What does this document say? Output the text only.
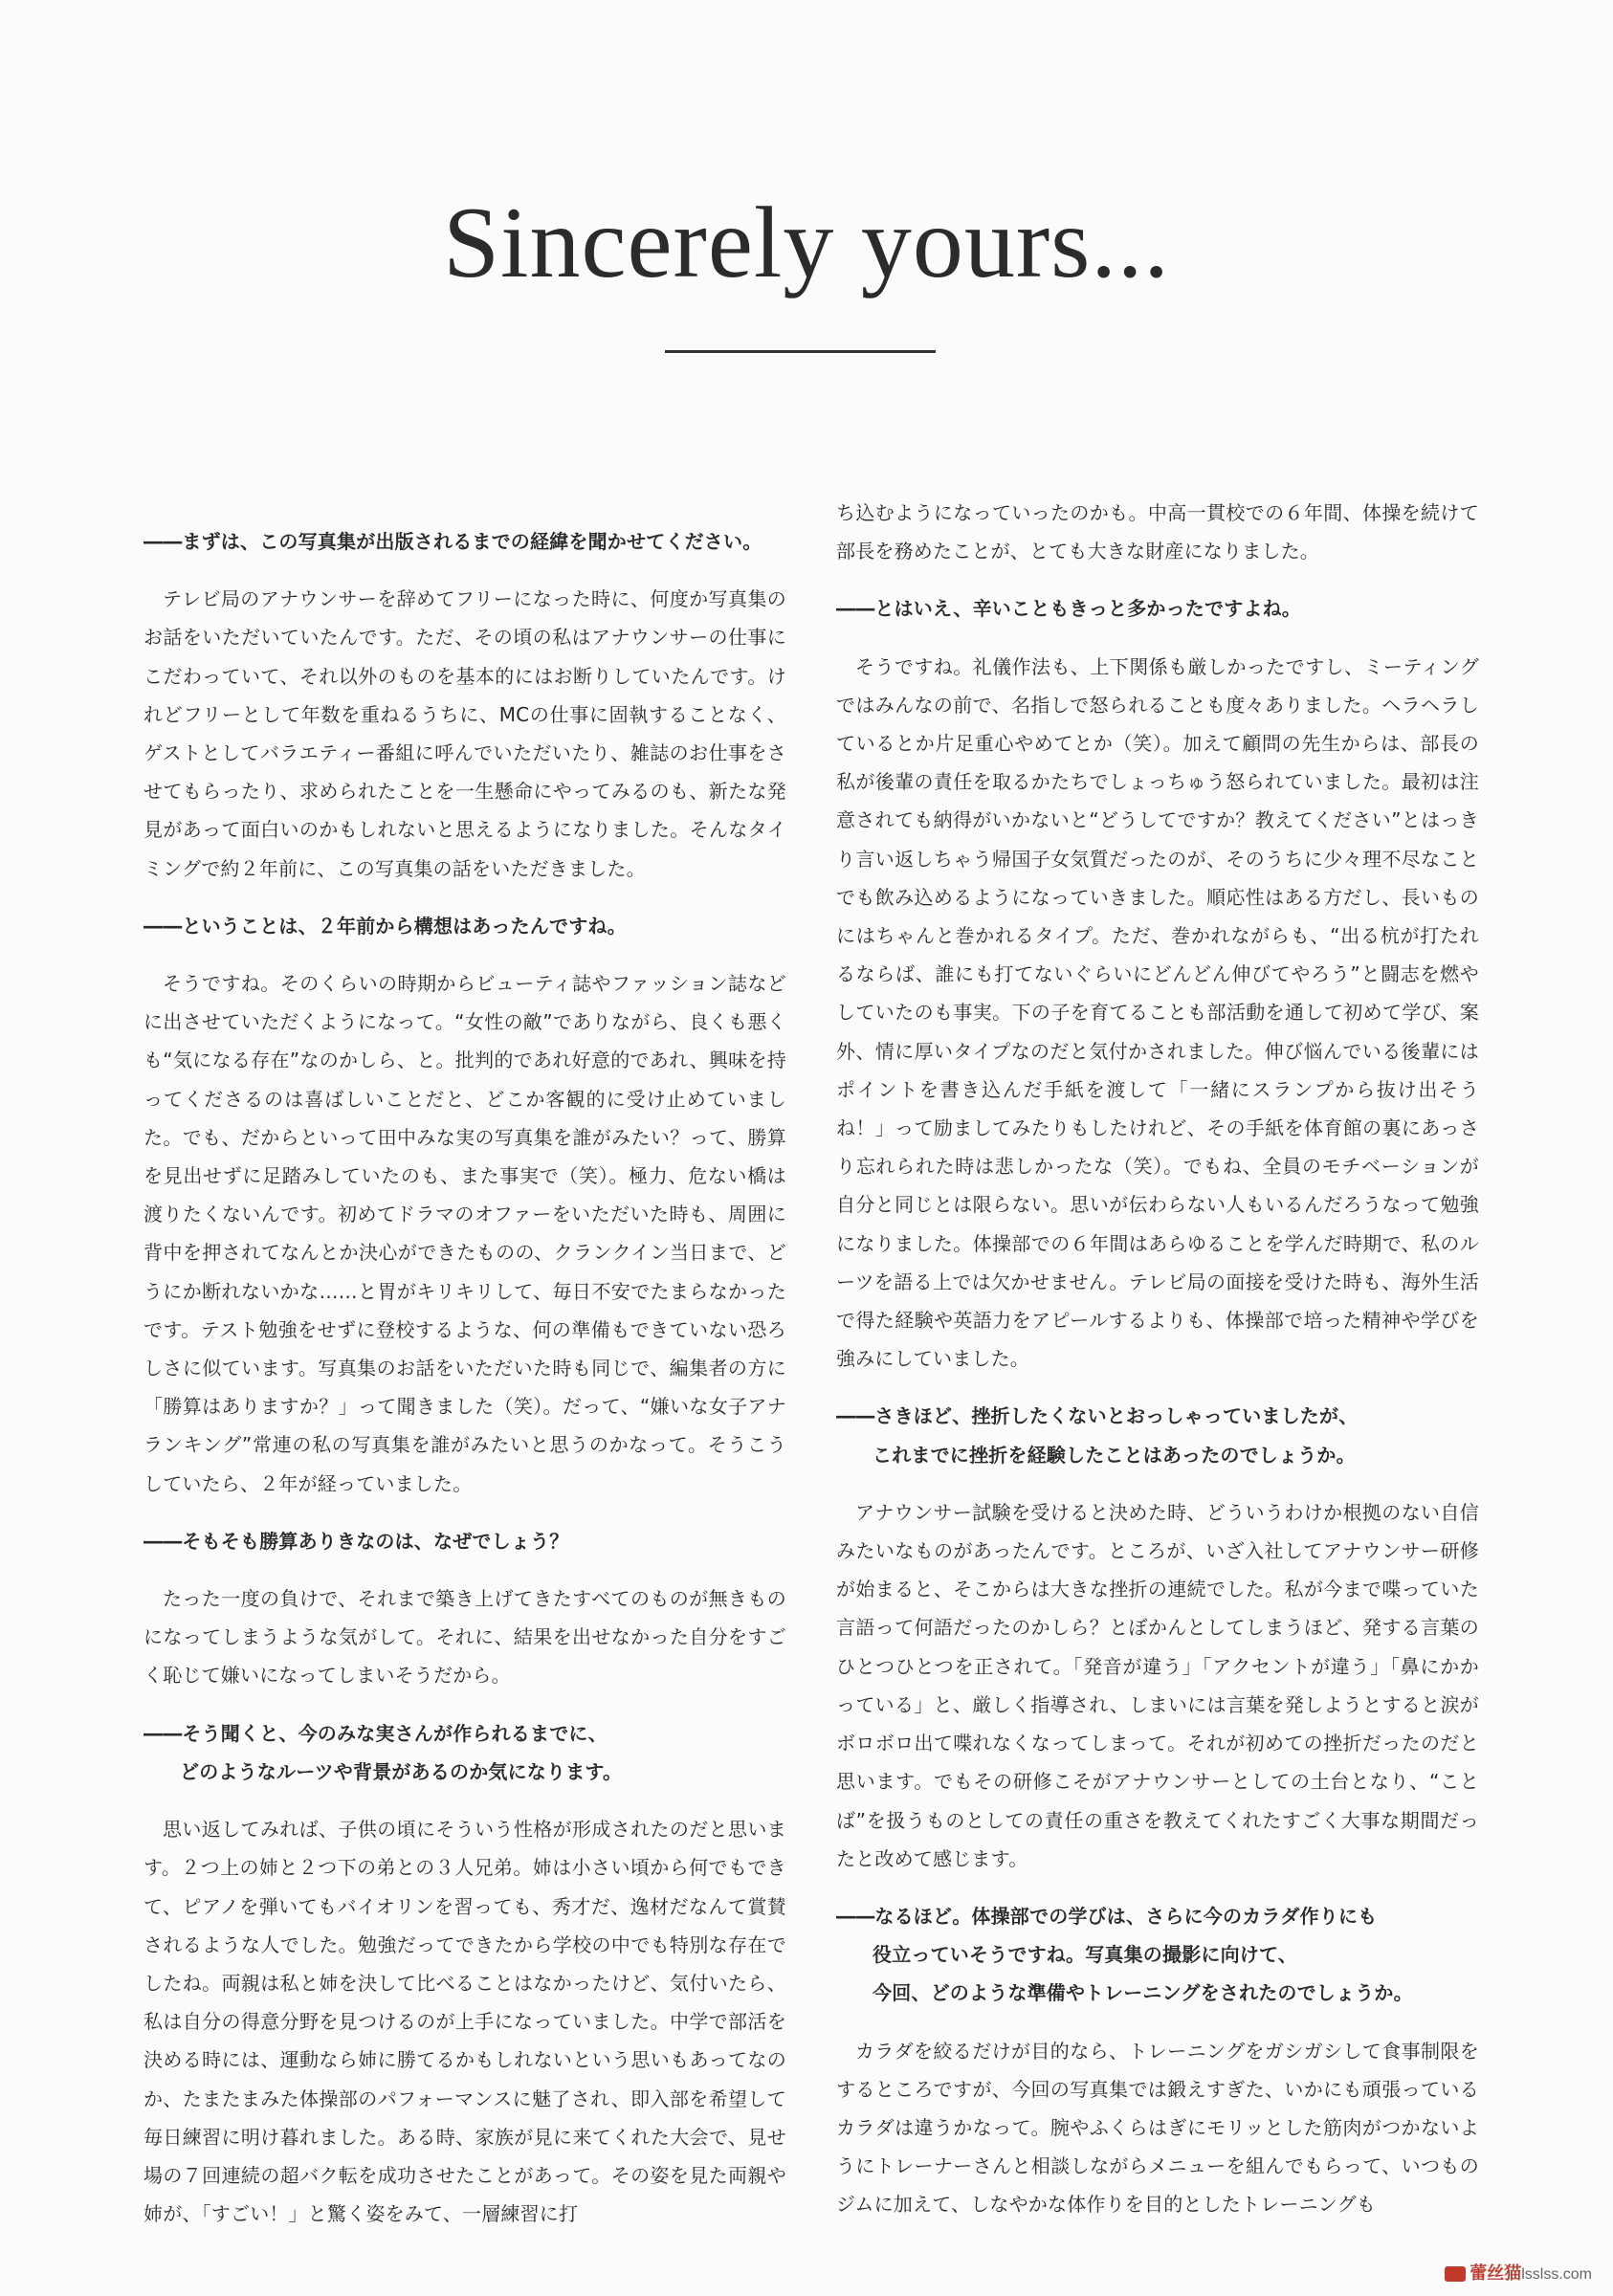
Sincerely yours...

――まずは、この写真集が出版されるまでの経緯を聞かせてください。

テレビ局のアナウンサーを辞めてフリーになった時に、何度か写真集のお話をいただいていたんです。ただ、その頃の私はアナウンサーの仕事にこだわっていて、それ以外のものを基本的にはお断りしていたんです。けれどフリーとして年数を重ねるうちに、MCの仕事に固執することなく、ゲストとしてバラエティー番組に呼んでいただいたり、雑誌のお仕事をさせてもらったり、求められたことを一生懸命にやってみるのも、新たな発見があって面白いのかもしれないと思えるようになりました。そんなタイミングで約２年前に、この写真集の話をいただきました。

――ということは、２年前から構想はあったんですね。

そうですね。そのくらいの時期からビューティ誌やファッション誌などに出させていただくようになって。“女性の敵”でありながら、良くも悪くも“気になる存在”なのかしら、と。批判的であれ好意的であれ、興味を持ってくださるのは喜ばしいことだと、どこか客観的に受け止めていました。でも、だからといって田中みな実の写真集を誰がみたい？って、勝算を見出せずに足踏みしていたのも、また事実で（笑）。極力、危ない橋は渡りたくないんです。初めてドラマのオファーをいただいた時も、周囲に背中を押されてなんとか決心ができたものの、クランクイン当日まで、どうにか断れないかな……と胃がキリキリして、毎日不安でたまらなかったです。テスト勉強をせずに登校するような、何の準備もできていない恐ろしさに似ています。写真集のお話をいただいた時も同じで、編集者の方に「勝算はありますか？」って聞きました（笑）。だって、“嫌いな女子アナランキング”常連の私の写真集を誰がみたいと思うのかなって。そうこうしていたら、２年が経っていました。

――そもそも勝算ありきなのは、なぜでしょう？

たった一度の負けで、それまで築き上げてきたすべてのものが無きものになってしまうような気がして。それに、結果を出せなかった自分をすごく恥じて嫌いになってしまいそうだから。

――そう聞くと、今のみな実さんが作られるまでに、
どのようなルーツや背景があるのか気になります。

思い返してみれば、子供の頃にそういう性格が形成されたのだと思います。２つ上の姉と２つ下の弟との３人兄弟。姉は小さい頃から何でもできて、ピアノを弾いてもバイオリンを習っても、秀才だ、逸材だなんて賞賛されるような人でした。勉強だってできたから学校の中でも特別な存在でしたね。両親は私と姉を決して比べることはなかったけど、気付いたら、私は自分の得意分野を見つけるのが上手になっていました。中学で部活を決める時には、運動なら姉に勝てるかもしれないという思いもあってなのか、たまたまみた体操部のパフォーマンスに魅了され、即入部を希望して毎日練習に明け暮れました。ある時、家族が見に来てくれた大会で、見せ場の７回連続の超バク転を成功させたことがあって。その姿を見た両親や姉が、「すごい！」と驚く姿をみて、一層練習に打

ち込むようになっていったのかも。中高一貫校での６年間、体操を続けて部長を務めたことが、とても大きな財産になりました。

――とはいえ、辛いこともきっと多かったですよね。

そうですね。礼儀作法も、上下関係も厳しかったですし、ミーティングではみんなの前で、名指しで怒られることも度々ありました。ヘラヘラしているとか片足重心やめてとか（笑）。加えて顧問の先生からは、部長の私が後輩の責任を取るかたちでしょっちゅう怒られていました。最初は注意されても納得がいかないと“どうしてですか？教えてください”とはっきり言い返しちゃう帰国子女気質だったのが、そのうちに少々理不尽なことでも飲み込めるようになっていきました。順応性はある方だし、長いものにはちゃんと巻かれるタイプ。ただ、巻かれながらも、“出る杭が打たれるならば、誰にも打てないぐらいにどんどん伸びてやろう”と闘志を燃やしていたのも事実。下の子を育てることも部活動を通して初めて学び、案外、情に厚いタイプなのだと気付かされました。伸び悩んでいる後輩にはポイントを書き込んだ手紙を渡して「一緒にスランプから抜け出そうね！」って励ましてみたりもしたけれど、その手紙を体育館の裏にあっさり忘れられた時は悲しかったな（笑）。でもね、全員のモチベーションが自分と同じとは限らない。思いが伝わらない人もいるんだろうなって勉強になりました。体操部での６年間はあらゆることを学んだ時期で、私のルーツを語る上では欠かせません。テレビ局の面接を受けた時も、海外生活で得た経験や英語力をアピールするよりも、体操部で培った精神や学びを強みにしていました。

――さきほど、挫折したくないとおっしゃっていましたが、
これまでに挫折を経験したことはあったのでしょうか。

アナウンサー試験を受けると決めた時、どういうわけか根拠のない自信みたいなものがあったんです。ところが、いざ入社してアナウンサー研修が始まると、そこからは大きな挫折の連続でした。私が今まで喋っていた言語って何語だったのかしら？とぼかんとしてしまうほど、発する言葉のひとつひとつを正されて。「発音が違う」「アクセントが違う」「鼻にかかっている」と、厳しく指導され、しまいには言葉を発しようとすると涙がボロボロ出て喋れなくなってしまって。それが初めての挫折だったのだと思います。でもその研修こそがアナウンサーとしての土台となり、“ことば”を扱うものとしての責任の重さを教えてくれたすごく大事な期間だったと改めて感じます。

――なるほど。体操部での学びは、さらに今のカラダ作りにも
役立っていそうですね。写真集の撮影に向けて、
今回、どのような準備やトレーニングをされたのでしょうか。

カラダを絞るだけが目的なら、トレーニングをガシガシして食事制限をするところですが、今回の写真集では鍛えすぎた、いかにも頑張っているカラダは違うかなって。腕やふくらはぎにモリッとした筋肉がつかないようにトレーナーさんと相談しながらメニューを組んでもらって、いつものジムに加えて、しなやかな体作りを目的としたトレーニングも

蕾丝猫lsslss.com
